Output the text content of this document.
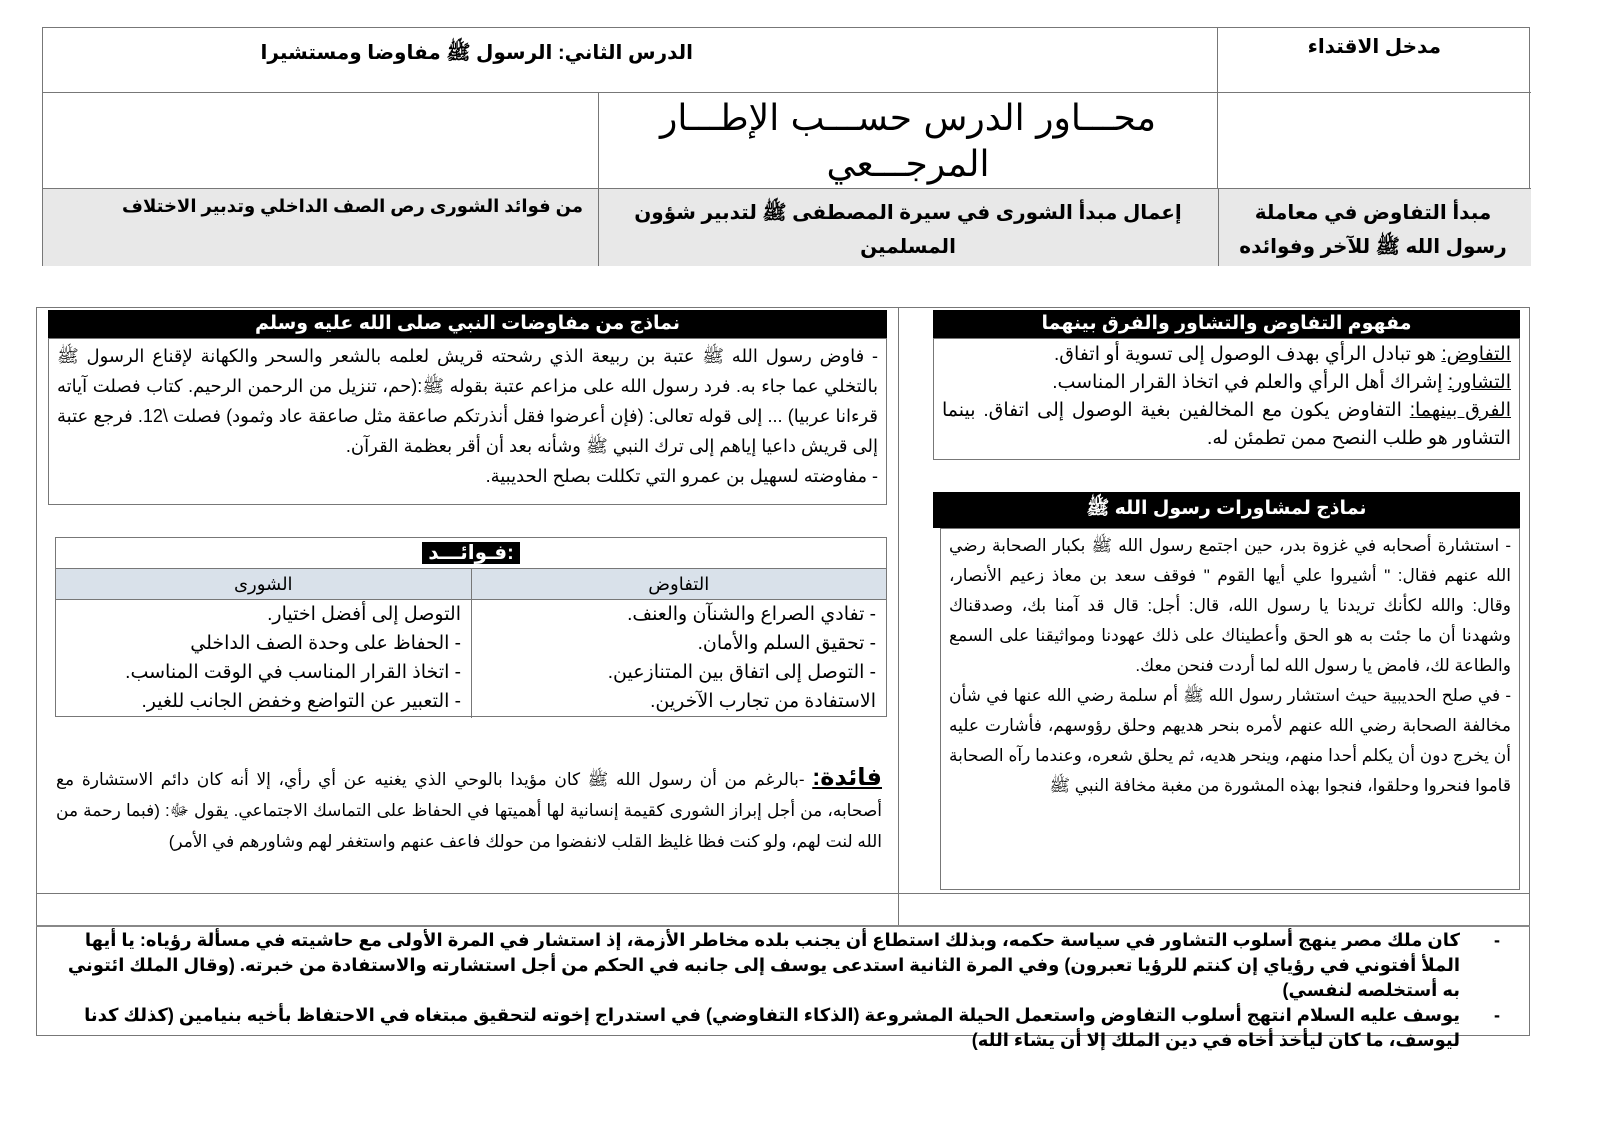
الدرس الثاني: الرسول ﷺ مفاوضا ومستشيرا	مدخل الاقتداء
محـــاور الدرس حســـب الإطـــار المرجـــعي
مبدأ التفاوض في معاملة رسول الله ﷺ للآخر وفوائده
إعمال مبدأ الشورى في سيرة المصطفى ﷺ لتدبير شؤون المسلمين
من فوائد الشورى رص الصف الداخلي وتدبير الاختلاف
مفهوم التفاوض والتشاور والفرق بينهما
التفاوض: هو تبادل الرأي بهدف الوصول إلى تسوية أو اتفاق.
التشاور: إشراك أهل الرأي والعلم في اتخاذ القرار المناسب.
الفرق بينهما: التفاوض يكون مع المخالفين بغية الوصول إلى اتفاق. بينما التشاور هو طلب النصح ممن تطمئن له.
نماذج لمشاورات رسول الله ﷺ
- استشارة أصحابه في غزوة بدر، حين اجتمع رسول الله ﷺ بكبار الصحابة رضي الله عنهم فقال: " أشيروا علي أيها القوم " فوقف سعد بن معاذ زعيم الأنصار، وقال: والله لكأنك تريدنا يا رسول الله، قال: أجل: قال قد آمنا بك، وصدقناك وشهدنا أن ما جئت به هو الحق وأعطيناك على ذلك عهودنا ومواثيقنا على السمع والطاعة لك، فامض يا رسول الله لما أردت فنحن معك.
- في صلح الحديبية حيث استشار رسول الله ﷺ أم سلمة رضي الله عنها في شأن مخالفة الصحابة رضي الله عنهم لأمره بنحر هديهم وحلق رؤوسهم، فأشارت عليه أن يخرج دون أن يكلم أحدا منهم، وينحر هديه، ثم يحلق شعره، وعندما رآه الصحابة قاموا فنحروا وحلقوا، فنجوا بهذه المشورة من مغبة مخافة النبي ﷺ
نماذج من مفاوضات النبي صلى الله عليه وسلم
- فاوض رسول الله ﷺ عتبة بن ربيعة الذي رشحته قريش لعلمه بالشعر والسحر والكهانة لإقناع الرسول ﷺ بالتخلي عما جاء به. فرد رسول الله على مزاعم عتبة بقوله ﷺ:(حم، تنزيل من الرحمن الرحيم. كتاب فصلت آياته قرءانا عربيا) ... إلى قوله تعالى: (فإن أعرضوا فقل أنذرتكم صاعقة مثل صاعقة عاد وثمود) فصلت \12. فرجع عتبة إلى قريش داعيا إياهم إلى ترك النبي ﷺ وشأنه بعد أن أقر بعظمة القرآن.
- مفاوضته لسهيل بن عمرو التي تكللت بصلح الحديبية.
فـوائـــد:
التفاوض
الشورى
- تفادي الصراع والشنآن والعنف.
- تحقيق السلم والأمان.
- التوصل إلى اتفاق بين المتنازعين.
الاستفادة من تجارب الآخرين.
التوصل إلى أفضل اختيار.
- الحفاظ على وحدة الصف الداخلي
- اتخاذ القرار المناسب في الوقت المناسب.
- التعبير عن التواضع وخفض الجانب للغير.
فائدة: -بالرغم من أن رسول الله ﷺ كان مؤيدا بالوحي الذي يغنيه عن أي رأي، إلا أنه كان دائم الاستشارة مع أصحابه، من أجل إبراز الشورى كقيمة إنسانية لها أهميتها في الحفاظ على التماسك الاجتماعي. يقول ﷻ: (فبما رحمة من الله لنت لهم، ولو كنت فظا غليظ القلب لانفضوا من حولك فاعف عنهم واستغفر لهم وشاورهم في الأمر)
-
كان ملك مصر ينهج أسلوب التشاور في سياسة حكمه، وبذلك استطاع أن يجنب بلده مخاطر الأزمة، إذ استشار في المرة الأولى مع حاشيته في مسألة رؤياه: يا أيها الملأ أفتوني في رؤياي إن كنتم للرؤيا تعبرون) وفي المرة الثانية استدعى يوسف إلى جانبه في الحكم من أجل استشارته والاستفادة من خبرته. (وقال الملك ائتوني به أستخلصه لنفسي)
-
يوسف عليه السلام انتهج أسلوب التفاوض واستعمل الحيلة المشروعة (الذكاء التفاوضي) في استدراج إخوته لتحقيق مبتغاه في الاحتفاظ بأخيه بنيامين (كذلك كدنا ليوسف، ما كان ليأخذ أخاه في دين الملك إلا أن يشاء الله)
